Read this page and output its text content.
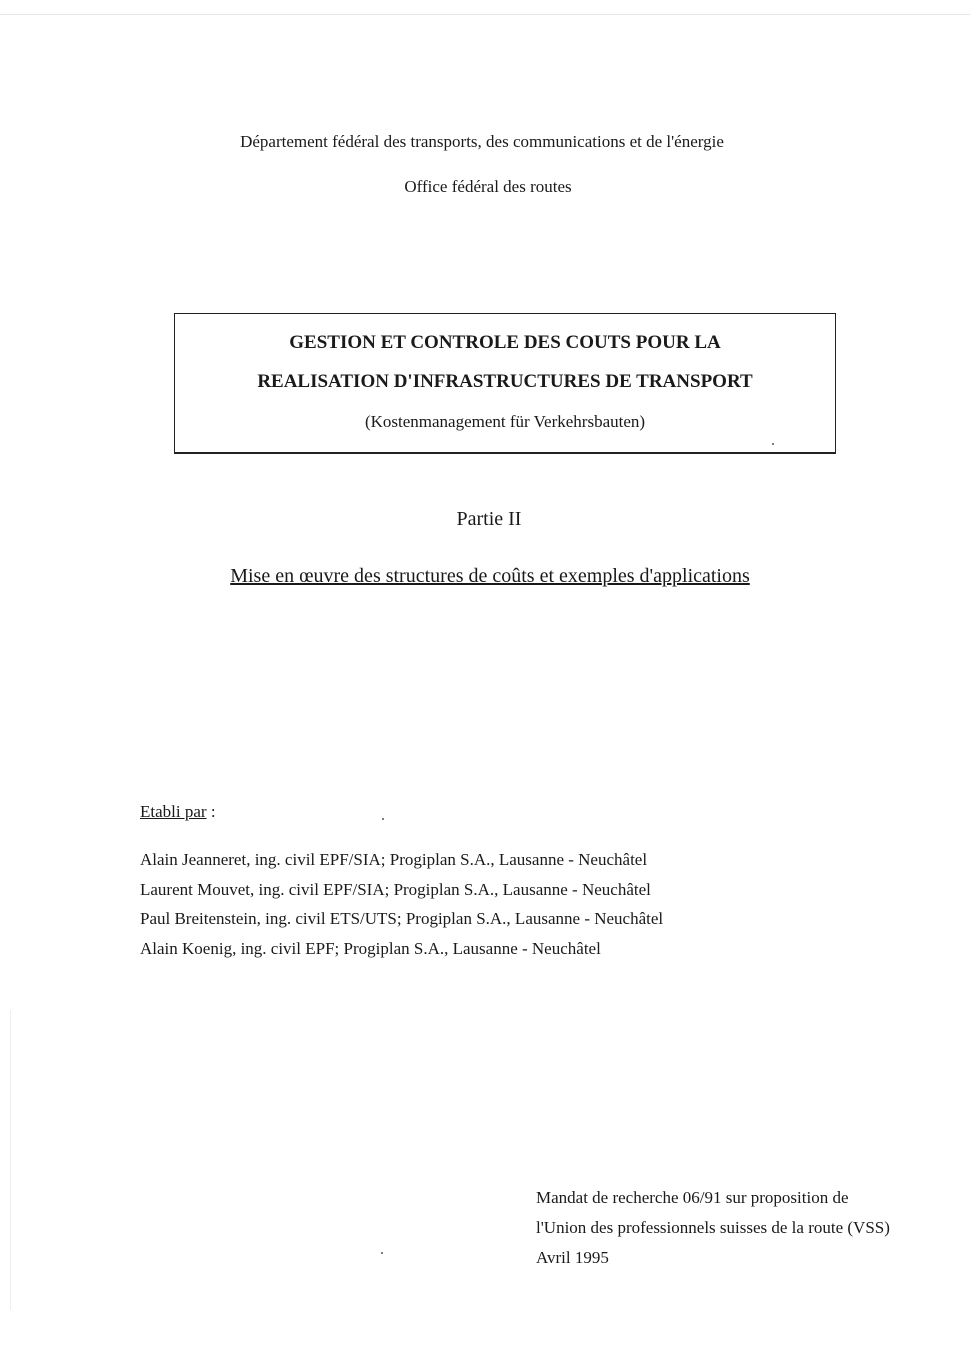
Département fédéral des transports, des communications et de l'énergie
Office fédéral des routes
GESTION ET CONTROLE DES COUTS POUR LA
REALISATION D'INFRASTRUCTURES DE TRANSPORT
(Kostenmanagement für Verkehrsbauten)
Partie II
Mise en œuvre des structures de coûts et exemples d'applications
Etabli par :
Alain Jeanneret, ing. civil EPF/SIA; Progiplan S.A., Lausanne - Neuchâtel
Laurent Mouvet, ing. civil EPF/SIA; Progiplan S.A., Lausanne - Neuchâtel
Paul Breitenstein, ing. civil ETS/UTS; Progiplan S.A., Lausanne - Neuchâtel
Alain Koenig, ing. civil EPF; Progiplan S.A., Lausanne - Neuchâtel
Mandat de recherche 06/91 sur proposition de
l'Union des professionnels suisses de la route (VSS)
Avril 1995
